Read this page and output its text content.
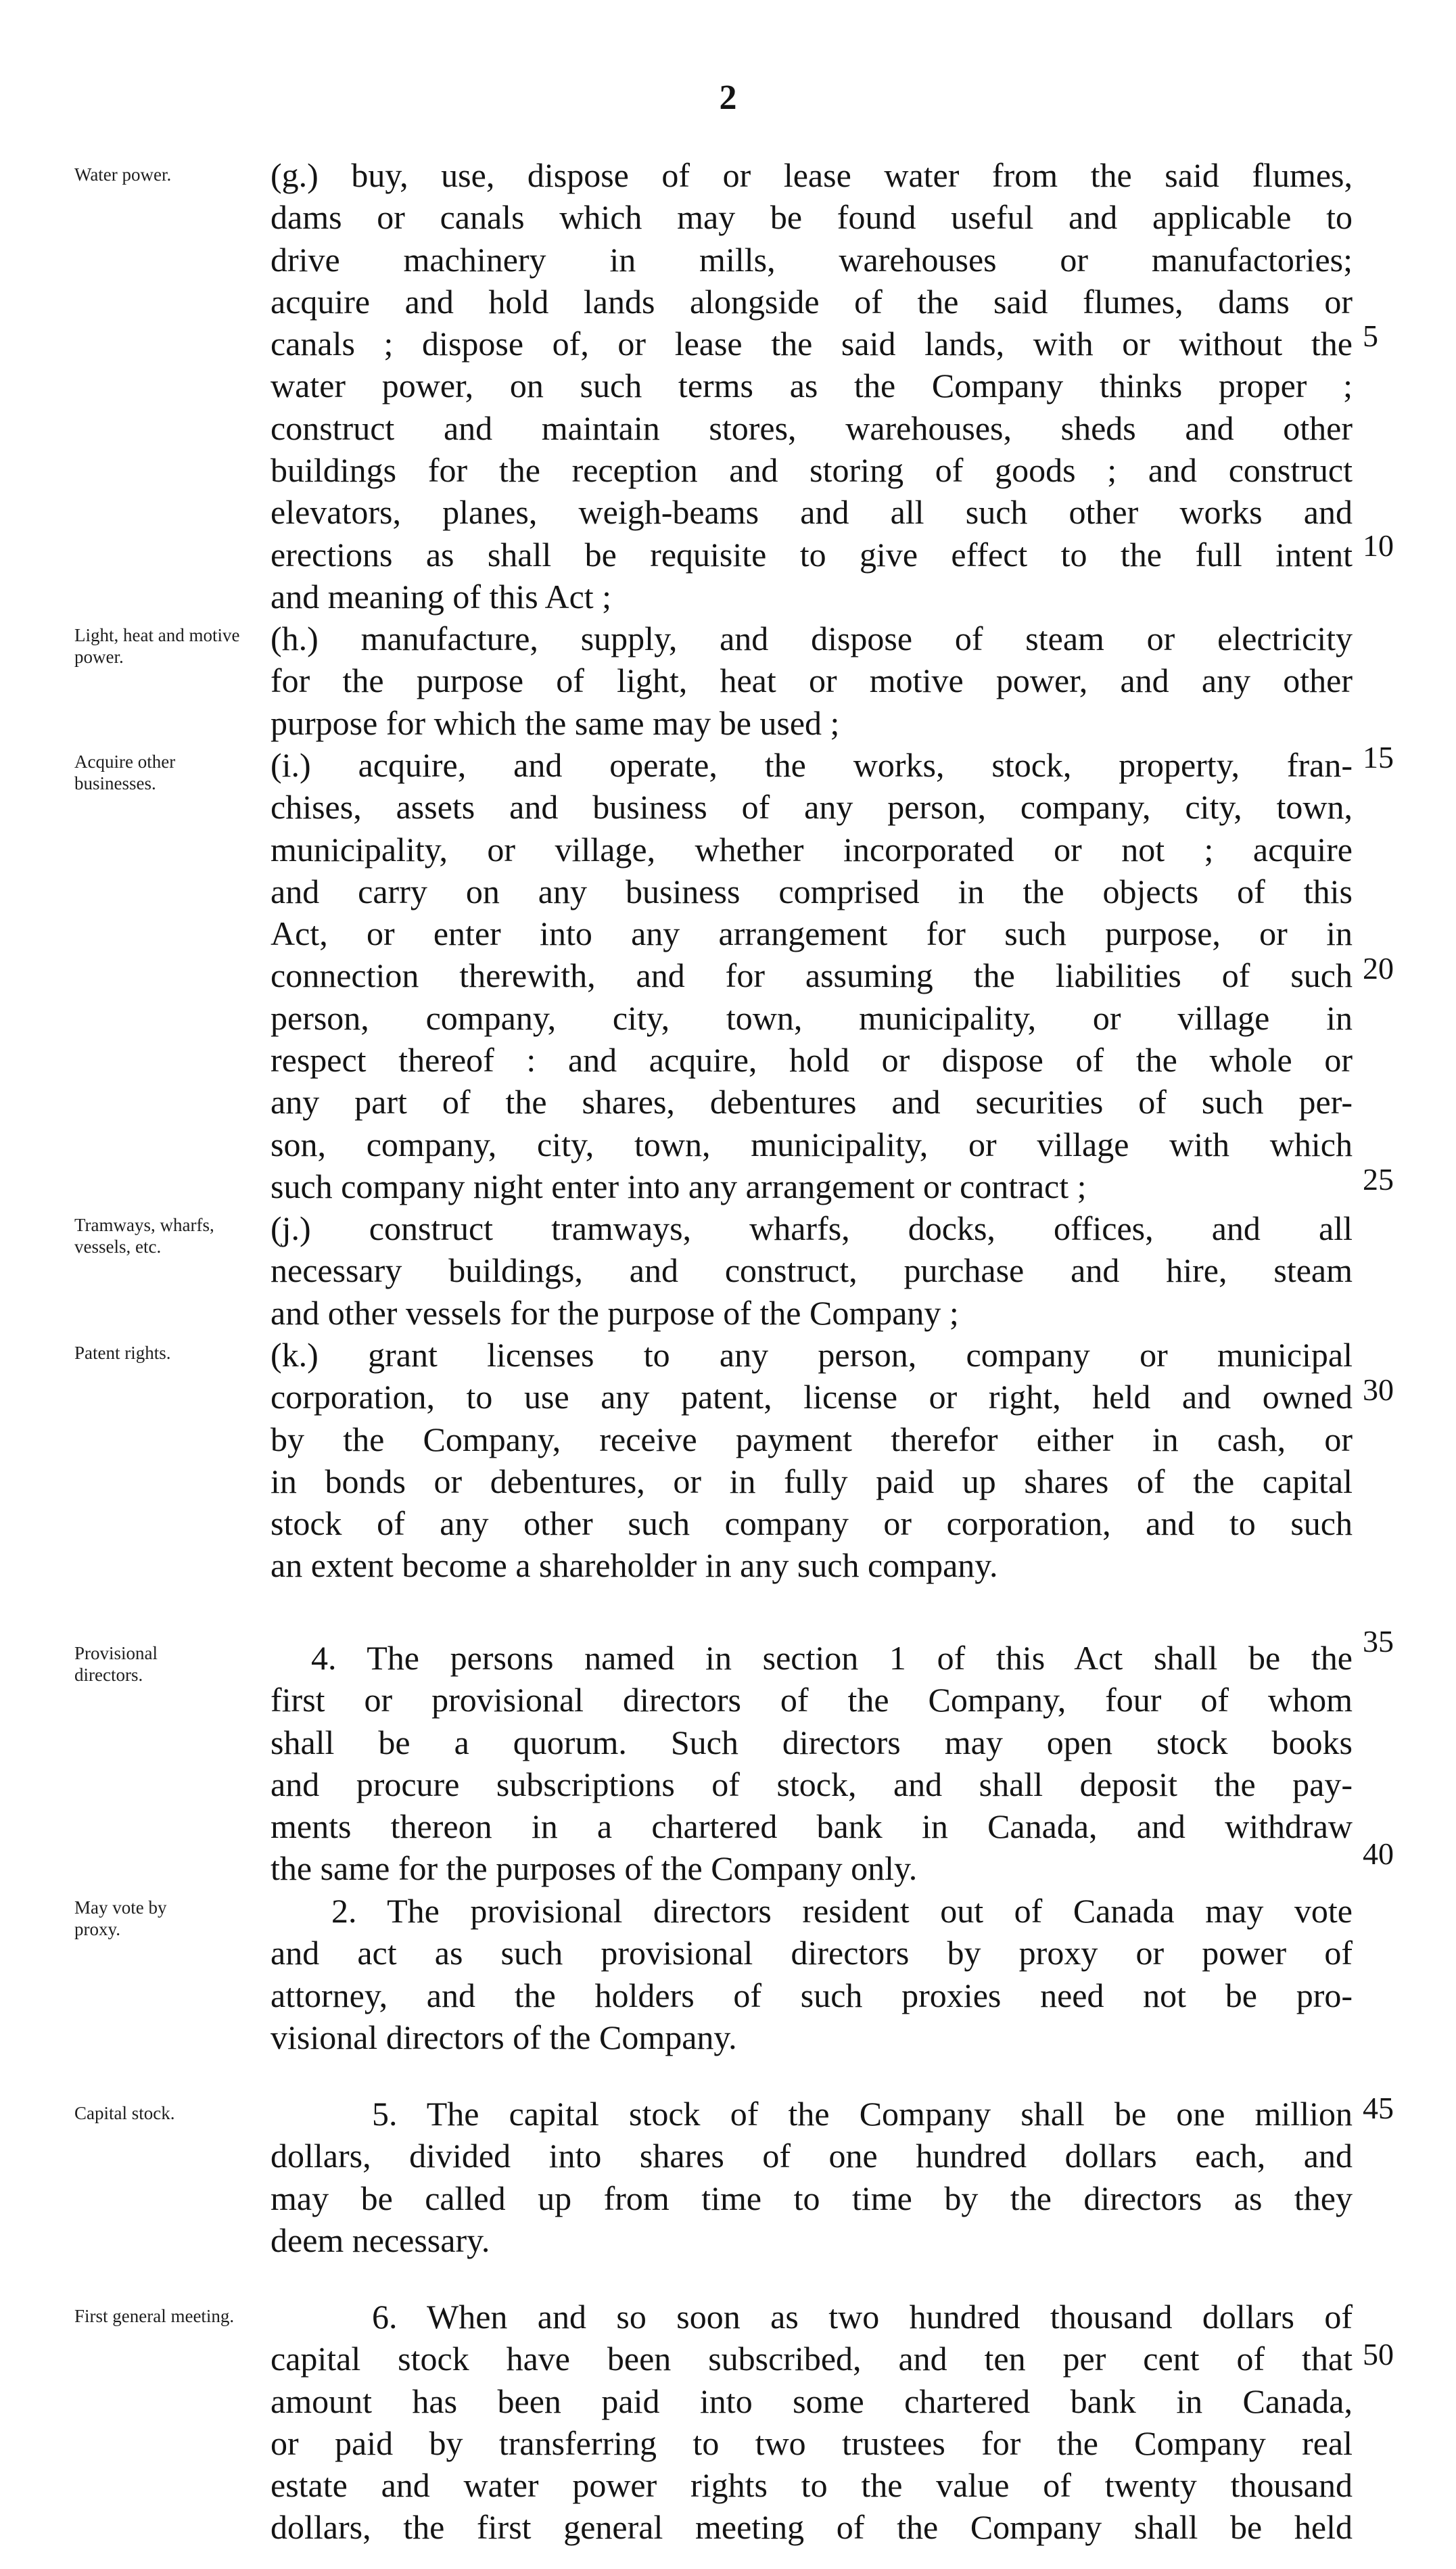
2
Water power.	(g.) buy, use, dispose of or lease water from the said flumes,
dams or canals which may be found useful and applicable to
drive machinery in mills, warehouses or manufactories;
acquire and hold lands alongside of the said flumes, dams or
canals ; dispose of, or lease the said lands, with or without the
water power, on such terms as the Company thinks proper ;
construct and maintain stores, warehouses, sheds and other
buildings for the reception and storing of goods ; and construct
elevators, planes, weigh-beams and all such other works and
erections as shall be requisite to give effect to the full intent
and meaning of this Act ;
Light, heat and motive power.	(h.) manufacture, supply, and dispose of steam or electricity
for the purpose of light, heat or motive power, and any other
purpose for which the same may be used ;
Acquire other businesses.	(i.) acquire, and operate, the works, stock, property, fran-
chises, assets and business of any person, company, city, town,
municipality, or village, whether incorporated or not ; acquire
and carry on any business comprised in the objects of this
Act, or enter into any arrangement for such purpose, or in
connection therewith, and for assuming the liabilities of such
person, company, city, town, municipality, or village in
respect thereof : and acquire, hold or dispose of the whole or
any part of the shares, debentures and securities of such per-
son, company, city, town, municipality, or village with which
such company night enter into any arrangement or contract ;
Tramways, wharfs, vessels, etc.	(j.) construct tramways, wharfs, docks, offices, and all
necessary buildings, and construct, purchase and hire, steam
and other vessels for the purpose of the Company ;
Patent rights.	(k.) grant licenses to any person, company or municipal
corporation, to use any patent, license or right, held and owned
by the Company, receive payment therefor either in cash, or
in bonds or debentures, or in fully paid up shares of the capital
stock of any other such company or corporation, and to such
an extent become a shareholder in any such company.
Provisional directors.	4. The persons named in section 1 of this Act shall be the
first or provisional directors of the Company, four of whom
shall be a quorum. Such directors may open stock books
and procure subscriptions of stock, and shall deposit the pay-
ments thereon in a chartered bank in Canada, and withdraw
the same for the purposes of the Company only.
May vote by proxy.	2. The provisional directors resident out of Canada may vote
and act as such provisional directors by proxy or power of
attorney, and the holders of such proxies need not be pro-
visional directors of the Company.
Capital stock.	5. The capital stock of the Company shall be one million
dollars, divided into shares of one hundred dollars each, and
may be called up from time to time by the directors as they
deem necessary.
First general meeting.	6. When and so soon as two hundred thousand dollars of
capital stock have been subscribed, and ten per cent of that
amount has been paid into some chartered bank in Canada,
or paid by transferring to two trustees for the Company real
estate and water power rights to the value of twenty thousand
dollars, the first general meeting of the Company shall be held
5
10
15
20
25
30
35
40
45
50
